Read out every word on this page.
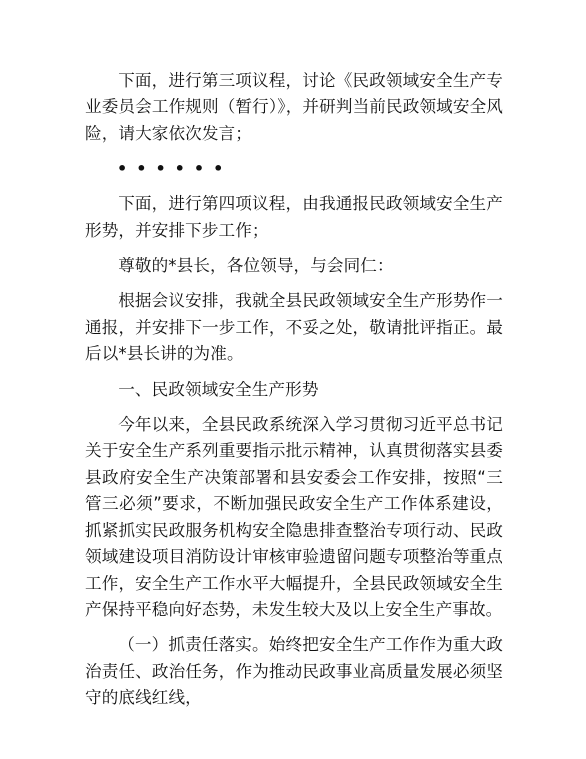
下面，进行第三项议程，讨论《民政领域安全生产专业委员会工作规则（暂行）》，并研判当前民政领域安全风险，请大家依次发言；

••••••

下面，进行第四项议程，由我通报民政领域安全生产形势，并安排下步工作；

尊敬的*县长，各位领导，与会同仁：

根据会议安排，我就全县民政领域安全生产形势作一通报，并安排下一步工作，不妥之处，敬请批评指正。最后以*县长讲的为准。

一、民政领域安全生产形势

今年以来，全县民政系统深入学习贯彻习近平总书记关于安全生产系列重要指示批示精神，认真贯彻落实县委县政府安全生产决策部署和县安委会工作安排，按照“三管三必须”要求，不断加强民政安全生产工作体系建设，抓紧抓实民政服务机构安全隐患排查整治专项行动、民政领域建设项目消防设计审核审验遗留问题专项整治等重点工作，安全生产工作水平大幅提升，全县民政领域安全生产保持平稳向好态势，未发生较大及以上安全生产事故。

（一）抓责任落实。始终把安全生产工作作为重大政治责任、政治任务，作为推动民政事业高质量发展必须坚守的底线红线，
